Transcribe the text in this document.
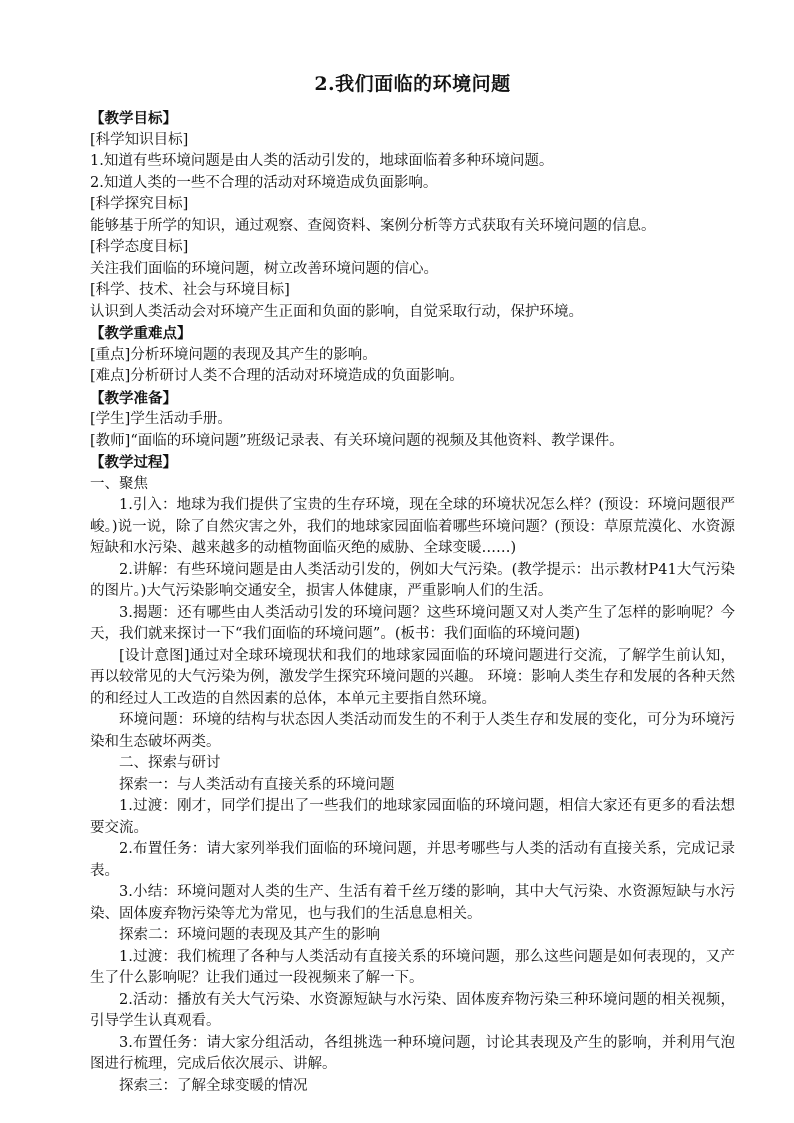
2.我们面临的环境问题

【教学目标】

[科学知识目标]

1.知道有些环境问题是由人类的活动引发的，地球面临着多种环境问题。

2.知道人类的一些不合理的活动对环境造成负面影响。

[科学探究目标]

能够基于所学的知识，通过观察、查阅资料、案例分析等方式获取有关环境问题的信息。

[科学态度目标]

关注我们面临的环境问题，树立改善环境问题的信心。

[科学、技术、社会与环境目标]

认识到人类活动会对环境产生正面和负面的影响，自觉采取行动，保护环境。

【教学重难点】

[重点]分析环境问题的表现及其产生的影响。

[难点]分析研讨人类不合理的活动对环境造成的负面影响。

【教学准备】

[学生]学生活动手册。

[教师]“面临的环境问题”班级记录表、有关环境问题的视频及其他资料、教学课件。

【教学过程】

一、聚焦

1.引入：地球为我们提供了宝贵的生存环境，现在全球的环境状况怎么样？(预设：环境问题很严峻。)说一说，除了自然灾害之外，我们的地球家园面临着哪些环境问题？(预设：草原荒漠化、水资源短缺和水污染、越来越多的动植物面临灭绝的威胁、全球变暖……)

2.讲解：有些环境问题是由人类活动引发的，例如大气污染。(教学提示：出示教材P41大气污染的图片。)大气污染影响交通安全，损害人体健康，严重影响人们的生活。

3.揭题：还有哪些由人类活动引发的环境问题？这些环境问题又对人类产生了怎样的影响呢？今天，我们就来探讨一下“我们面临的环境问题”。(板书：我们面临的环境问题)

[设计意图]通过对全球环境现状和我们的地球家园面临的环境问题进行交流，了解学生前认知，再以较常见的大气污染为例，激发学生探究环境问题的兴趣。 环境：影响人类生存和发展的各种天然的和经过人工改造的自然因素的总体，本单元主要指自然环境。

环境问题：环境的结构与状态因人类活动而发生的不利于人类生存和发展的变化，可分为环境污染和生态破坏两类。

二、探索与研讨

探索一：与人类活动有直接关系的环境问题

1.过渡：刚才，同学们提出了一些我们的地球家园面临的环境问题，相信大家还有更多的看法想要交流。

2.布置任务：请大家列举我们面临的环境问题，并思考哪些与人类的活动有直接关系，完成记录表。

3.小结：环境问题对人类的生产、生活有着千丝万缕的影响，其中大气污染、水资源短缺与水污染、固体废弃物污染等尤为常见，也与我们的生活息息相关。

探索二：环境问题的表现及其产生的影响

1.过渡：我们梳理了各种与人类活动有直接关系的环境问题，那么这些问题是如何表现的，又产生了什么影响呢？让我们通过一段视频来了解一下。

2.活动：播放有关大气污染、水资源短缺与水污染、固体废弃物污染三种环境问题的相关视频，引导学生认真观看。

3.布置任务：请大家分组活动，各组挑选一种环境问题，讨论其表现及产生的影响，并利用气泡图进行梳理，完成后依次展示、讲解。

探索三：了解全球变暖的情况
